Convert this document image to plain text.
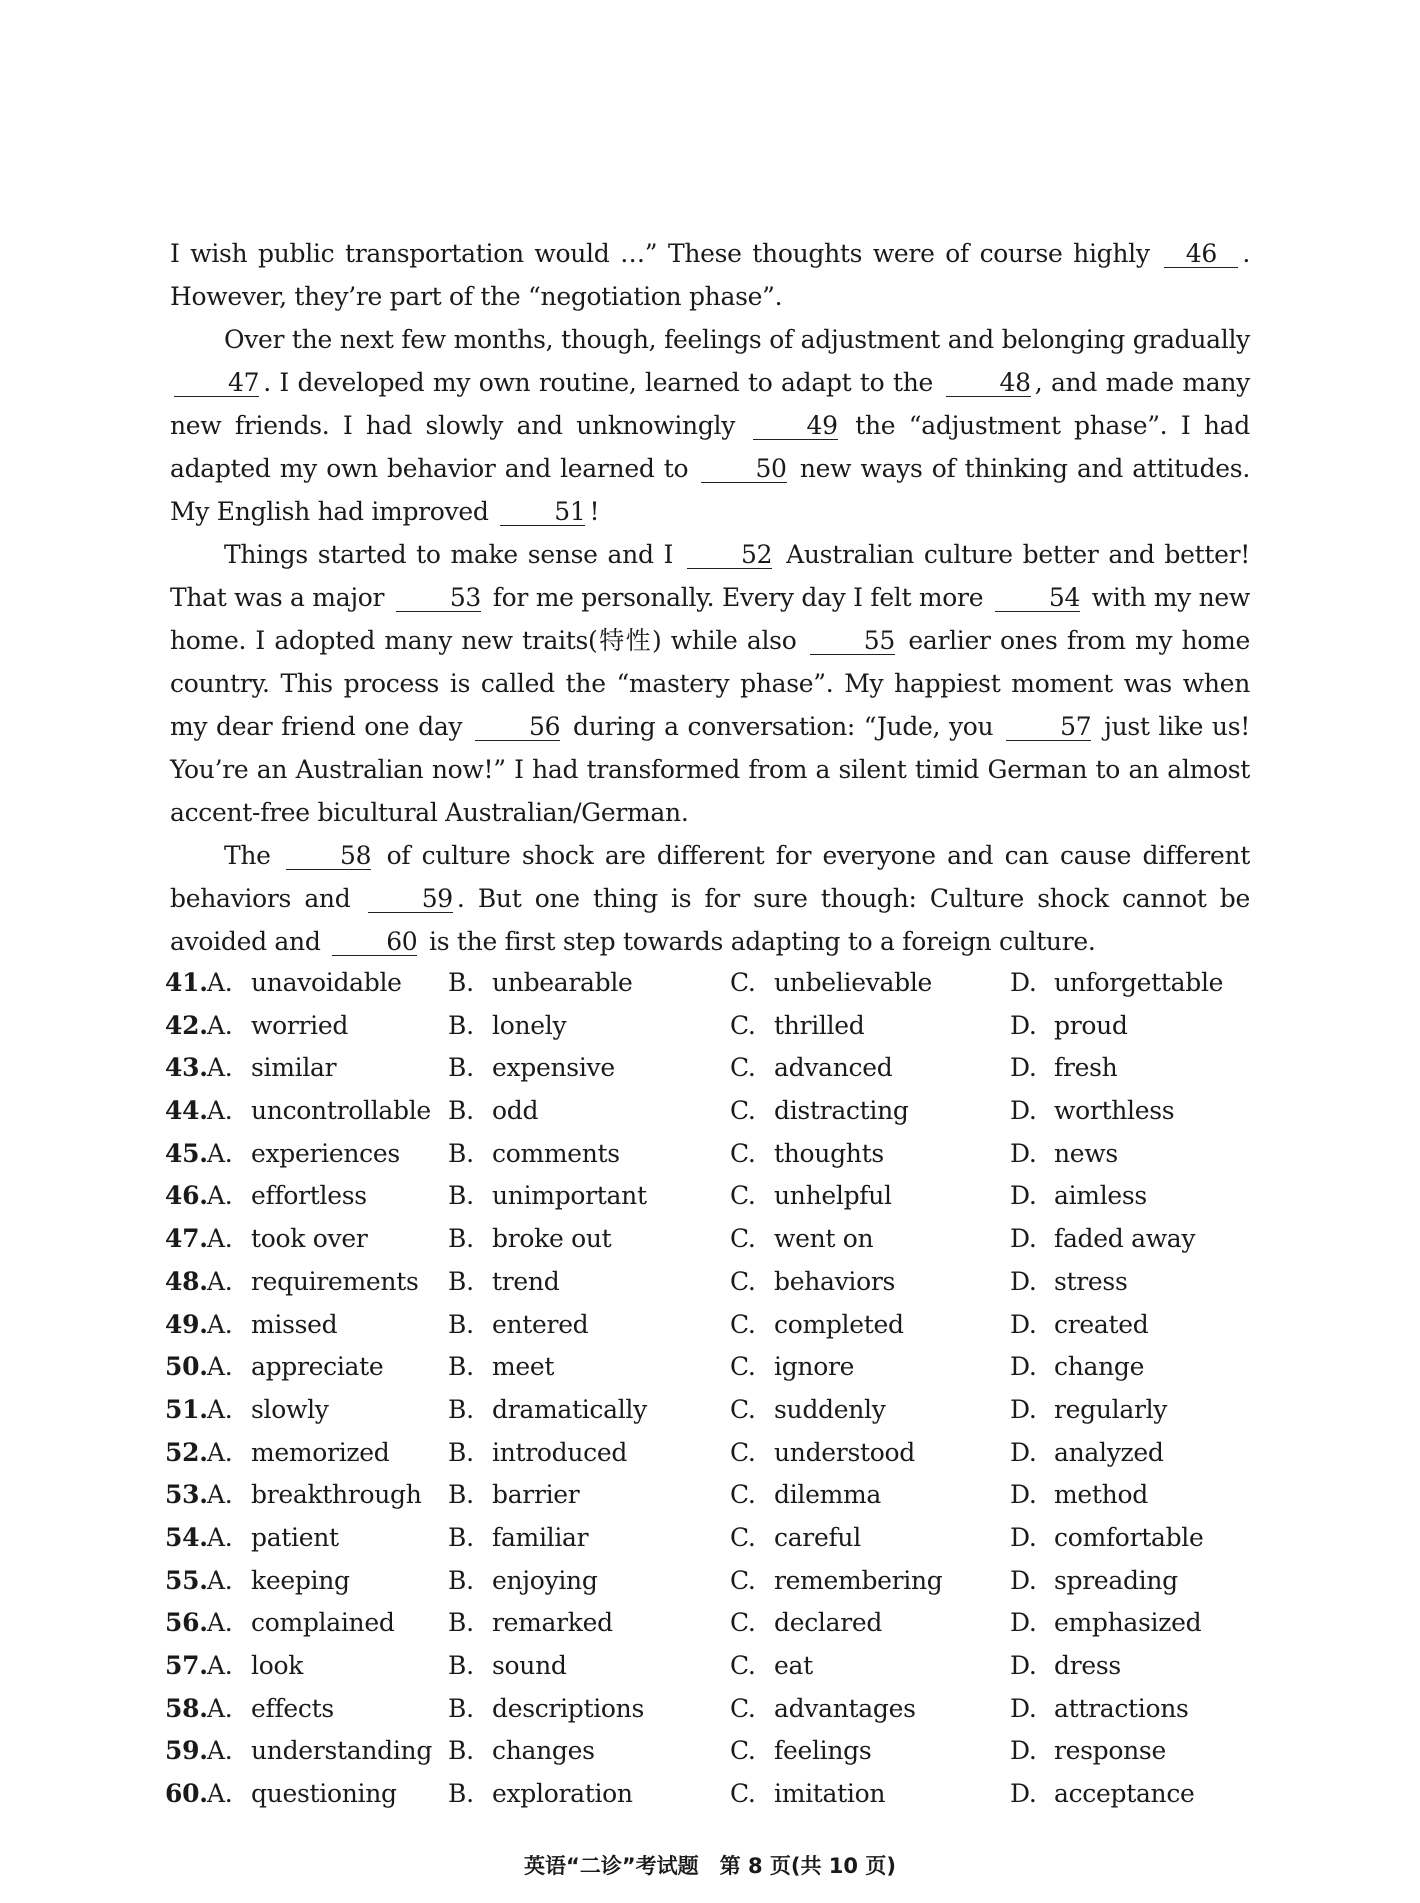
I wish public transportation would …” These thoughts were of course highly 46 . However, they’re part of the “negotiation phase”.

Over the next few months, though, feelings of adjustment and belonging gradually 47 . I developed my own routine, learned to adapt to the 48 , and made many new friends. I had slowly and unknowingly 49 the “adjustment phase”. I had adapted my own behavior and learned to 50 new ways of thinking and attitudes. My English had improved 51 !

Things started to make sense and I 52 Australian culture better and better! That was a major 53 for me personally. Every day I felt more 54 with my new home. I adopted many new traits(特性) while also 55 earlier ones from my home country. This process is called the “mastery phase”. My happiest moment was when my dear friend one day 56 during a conversation: “Jude, you 57 just like us! You’re an Australian now!” I had transformed from a silent timid German to an almost accent-free bicultural Australian/German.

The 58 of culture shock are different for everyone and can cause different behaviors and 59 . But one thing is for sure though: Culture shock cannot be avoided and 60 is the first step towards adapting to a foreign culture.

41. A. unavoidable B. unbearable	C. unbelievable	D. unforgettable
42. A. worried	B. lonely	C. thrilled	D. proud
43. A. similar	B. expensive	C. advanced	D. fresh
44. A. uncontrollable B. odd	C. distracting	D. worthless
45. A. experiences B. comments	C. thoughts	D. news
46. A. effortless	B. unimportant	C. unhelpful	D. aimless
47. A. took over	B. broke out	C. went on	D. faded away
48. A. requirements B. trend	C. behaviors	D. stress
49. A. missed	B. entered	C. completed	D. created
50. A. appreciate	B. meet	C. ignore	D. change
51. A. slowly	B. dramatically	C. suddenly	D. regularly
52. A. memorized B. introduced	C. understood	D. analyzed
53. A. breakthrough B. barrier	C. dilemma	D. method
54. A. patient	B. familiar	C. careful	D. comfortable
55. A. keeping	B. enjoying	C. remembering	D. spreading
56. A. complained B. remarked	C. declared	D. emphasized
57. A. look	B. sound	C. eat	D. dress
58. A. effects	B. descriptions	C. advantages	D. attractions
59. A. understanding B. changes	C. feelings	D. response
60. A. questioning B. exploration	C. imitation	D. acceptance
英语“二诊”考试题　第 8 页(共 10 页)
